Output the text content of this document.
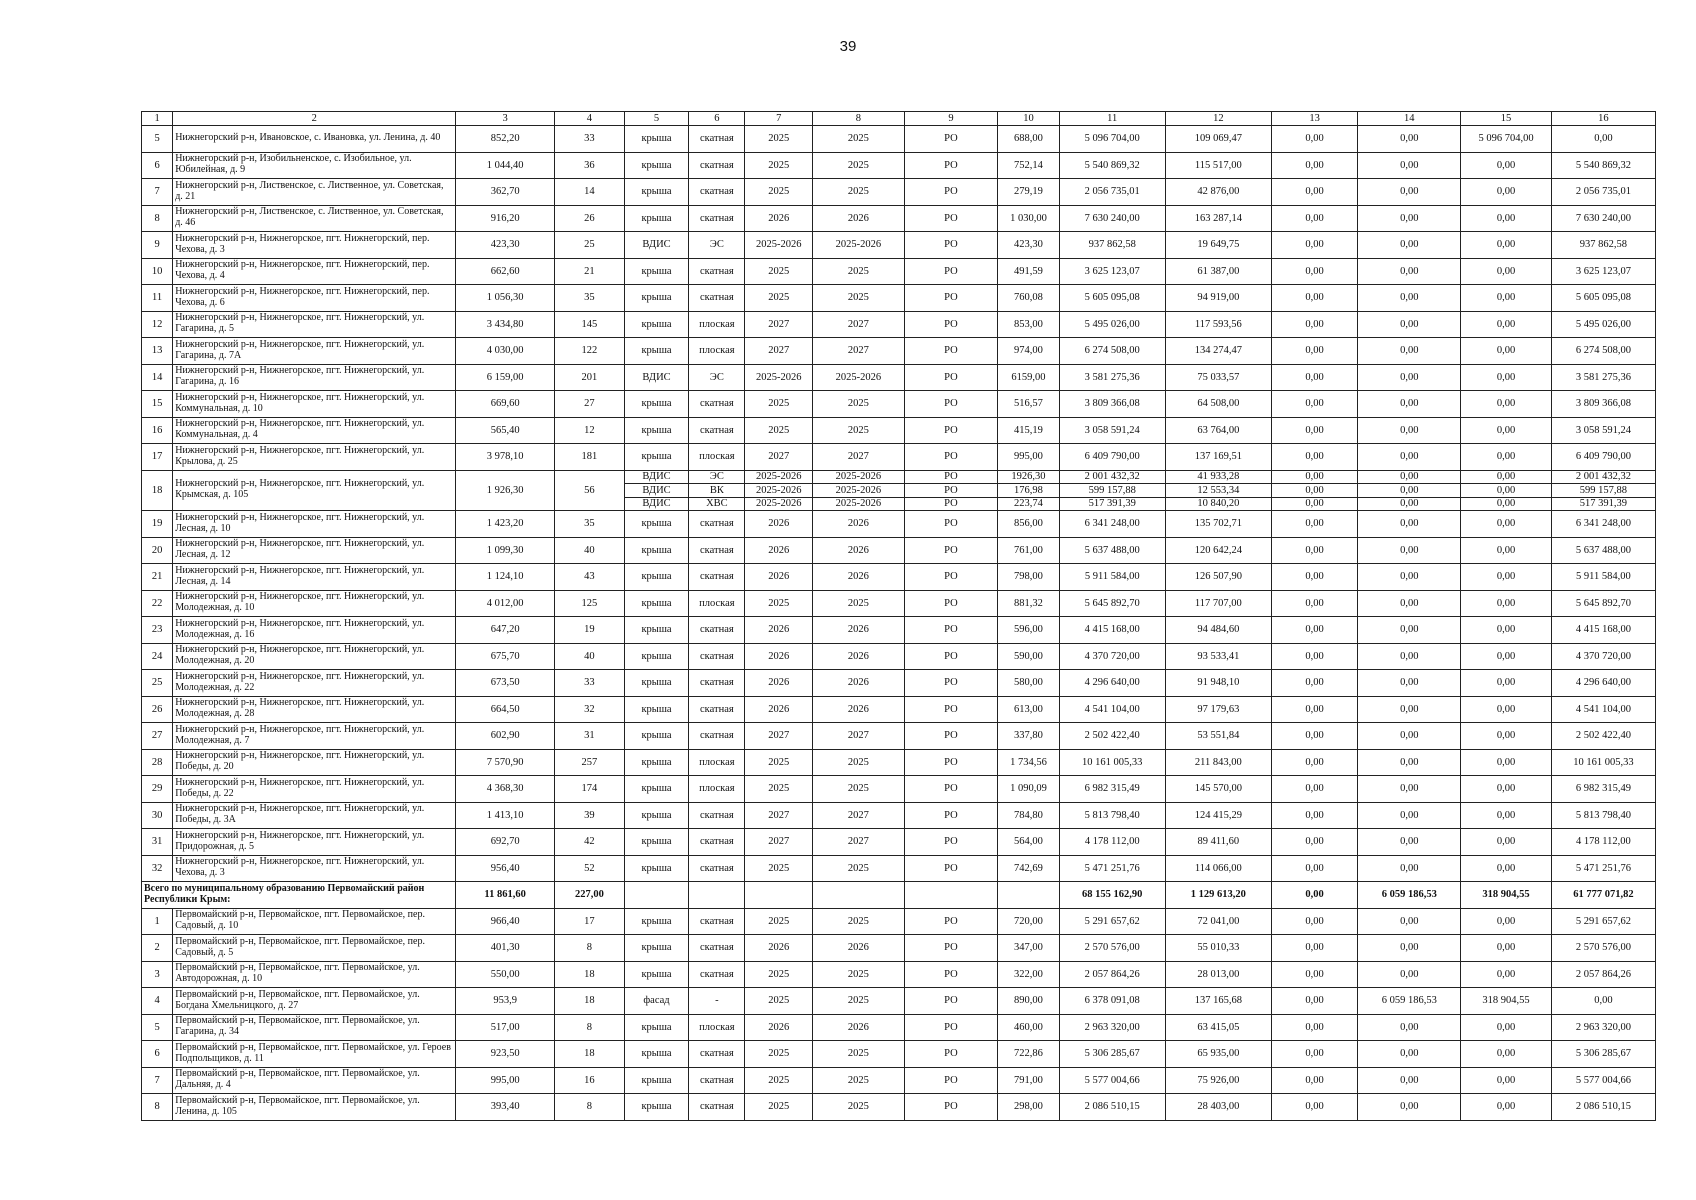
39
1	2	3	4	5	6	7	8	9	10	11	12	13	14	15	16
5	Нижнегорский р-н, Ивановское, с. Ивановка, ул. Ленина, д. 40	852,20	33	крыша	скатная	2025	2025	РО	688,00	5 096 704,00	109 069,47	0,00	0,00	5 096 704,00	0,00
6	Нижнегорский р-н, Изобильненское, с. Изобильное, ул. Юбилейная, д. 9	1 044,40	36	крыша	скатная	2025	2025	РО	752,14	5 540 869,32	115 517,00	0,00	0,00	0,00	5 540 869,32
7	Нижнегорский р-н, Лиственское, с. Лиственное, ул. Советская, д. 21	362,70	14	крыша	скатная	2025	2025	РО	279,19	2 056 735,01	42 876,00	0,00	0,00	0,00	2 056 735,01
8	Нижнегорский р-н, Лиственское, с. Лиственное, ул. Советская, д. 46	916,20	26	крыша	скатная	2026	2026	РО	1 030,00	7 630 240,00	163 287,14	0,00	0,00	0,00	7 630 240,00
9	Нижнегорский р-н, Нижнегорское, пгт. Нижнегорский, пер. Чехова, д. 3	423,30	25	ВДИС	ЭС	2025-2026	2025-2026	РО	423,30	937 862,58	19 649,75	0,00	0,00	0,00	937 862,58
10	Нижнегорский р-н, Нижнегорское, пгт. Нижнегорский, пер. Чехова, д. 4	662,60	21	крыша	скатная	2025	2025	РО	491,59	3 625 123,07	61 387,00	0,00	0,00	0,00	3 625 123,07
11	Нижнегорский р-н, Нижнегорское, пгт. Нижнегорский, пер. Чехова, д. 6	1 056,30	35	крыша	скатная	2025	2025	РО	760,08	5 605 095,08	94 919,00	0,00	0,00	0,00	5 605 095,08
12	Нижнегорский р-н, Нижнегорское, пгт. Нижнегорский, ул. Гагарина, д. 5	3 434,80	145	крыша	плоская	2027	2027	РО	853,00	5 495 026,00	117 593,56	0,00	0,00	0,00	5 495 026,00
13	Нижнегорский р-н, Нижнегорское, пгт. Нижнегорский, ул. Гагарина, д. 7А	4 030,00	122	крыша	плоская	2027	2027	РО	974,00	6 274 508,00	134 274,47	0,00	0,00	0,00	6 274 508,00
14	Нижнегорский р-н, Нижнегорское, пгт. Нижнегорский, ул. Гагарина, д. 16	6 159,00	201	ВДИС	ЭС	2025-2026	2025-2026	РО	6159,00	3 581 275,36	75 033,57	0,00	0,00	0,00	3 581 275,36
15	Нижнегорский р-н, Нижнегорское, пгт. Нижнегорский, ул. Коммунальная, д. 10	669,60	27	крыша	скатная	2025	2025	РО	516,57	3 809 366,08	64 508,00	0,00	0,00	0,00	3 809 366,08
16	Нижнегорский р-н, Нижнегорское, пгт. Нижнегорский, ул. Коммунальная, д. 4	565,40	12	крыша	скатная	2025	2025	РО	415,19	3 058 591,24	63 764,00	0,00	0,00	0,00	3 058 591,24
17	Нижнегорский р-н, Нижнегорское, пгт. Нижнегорский, ул. Крылова, д. 25	3 978,10	181	крыша	плоская	2027	2027	РО	995,00	6 409 790,00	137 169,51	0,00	0,00	0,00	6 409 790,00
18	Нижнегорский р-н, Нижнегорское, пгт. Нижнегорский, ул. Крымская, д. 105	1 926,30	56	ВДИС	ЭС	2025-2026	2025-2026	РО	1926,30	2 001 432,32	41 933,28	0,00	0,00	0,00	2 001 432,32
				ВДИС	ВК	2025-2026	2025-2026	РО	176,98	599 157,88	12 553,34	0,00	0,00	0,00	599 157,88
				ВДИС	ХВС	2025-2026	2025-2026	РО	223,74	517 391,39	10 840,20	0,00	0,00	0,00	517 391,39
19	Нижнегорский р-н, Нижнегорское, пгт. Нижнегорский, ул. Лесная, д. 10	1 423,20	35	крыша	скатная	2026	2026	РО	856,00	6 341 248,00	135 702,71	0,00	0,00	0,00	6 341 248,00
20	Нижнегорский р-н, Нижнегорское, пгт. Нижнегорский, ул. Лесная, д. 12	1 099,30	40	крыша	скатная	2026	2026	РО	761,00	5 637 488,00	120 642,24	0,00	0,00	0,00	5 637 488,00
21	Нижнегорский р-н, Нижнегорское, пгт. Нижнегорский, ул. Лесная, д. 14	1 124,10	43	крыша	скатная	2026	2026	РО	798,00	5 911 584,00	126 507,90	0,00	0,00	0,00	5 911 584,00
22	Нижнегорский р-н, Нижнегорское, пгт. Нижнегорский, ул. Молодежная, д. 10	4 012,00	125	крыша	плоская	2025	2025	РО	881,32	5 645 892,70	117 707,00	0,00	0,00	0,00	5 645 892,70
23	Нижнегорский р-н, Нижнегорское, пгт. Нижнегорский, ул. Молодежная, д. 16	647,20	19	крыша	скатная	2026	2026	РО	596,00	4 415 168,00	94 484,60	0,00	0,00	0,00	4 415 168,00
24	Нижнегорский р-н, Нижнегорское, пгт. Нижнегорский, ул. Молодежная, д. 20	675,70	40	крыша	скатная	2026	2026	РО	590,00	4 370 720,00	93 533,41	0,00	0,00	0,00	4 370 720,00
25	Нижнегорский р-н, Нижнегорское, пгт. Нижнегорский, ул. Молодежная, д. 22	673,50	33	крыша	скатная	2026	2026	РО	580,00	4 296 640,00	91 948,10	0,00	0,00	0,00	4 296 640,00
26	Нижнегорский р-н, Нижнегорское, пгт. Нижнегорский, ул. Молодежная, д. 28	664,50	32	крыша	скатная	2026	2026	РО	613,00	4 541 104,00	97 179,63	0,00	0,00	0,00	4 541 104,00
27	Нижнегорский р-н, Нижнегорское, пгт. Нижнегорский, ул. Молодежная, д. 7	602,90	31	крыша	скатная	2027	2027	РО	337,80	2 502 422,40	53 551,84	0,00	0,00	0,00	2 502 422,40
28	Нижнегорский р-н, Нижнегорское, пгт. Нижнегорский, ул. Победы, д. 20	7 570,90	257	крыша	плоская	2025	2025	РО	1 734,56	10 161 005,33	211 843,00	0,00	0,00	0,00	10 161 005,33
29	Нижнегорский р-н, Нижнегорское, пгт. Нижнегорский, ул. Победы, д. 22	4 368,30	174	крыша	плоская	2025	2025	РО	1 090,09	6 982 315,49	145 570,00	0,00	0,00	0,00	6 982 315,49
30	Нижнегорский р-н, Нижнегорское, пгт. Нижнегорский, ул. Победы, д. 3А	1 413,10	39	крыша	скатная	2027	2027	РО	784,80	5 813 798,40	124 415,29	0,00	0,00	0,00	5 813 798,40
31	Нижнегорский р-н, Нижнегорское, пгт. Нижнегорский, ул. Придорожная, д. 5	692,70	42	крыша	скатная	2027	2027	РО	564,00	4 178 112,00	89 411,60	0,00	0,00	0,00	4 178 112,00
32	Нижнегорский р-н, Нижнегорское, пгт. Нижнегорский, ул. Чехова, д. 3	956,40	52	крыша	скатная	2025	2025	РО	742,69	5 471 251,76	114 066,00	0,00	0,00	0,00	5 471 251,76
Всего по муниципальному образованию Первомайский район Республики Крым:		11 861,60	227,00							68 155 162,90	1 129 613,20	0,00	6 059 186,53	318 904,55	61 777 071,82
1	Первомайский р-н, Первомайское, пгт. Первомайское, пер. Садовый, д. 10	966,40	17	крыша	скатная	2025	2025	РО	720,00	5 291 657,62	72 041,00	0,00	0,00	0,00	5 291 657,62
2	Первомайский р-н, Первомайское, пгт. Первомайское, пер. Садовый, д. 5	401,30	8	крыша	скатная	2026	2026	РО	347,00	2 570 576,00	55 010,33	0,00	0,00	0,00	2 570 576,00
3	Первомайский р-н, Первомайское, пгт. Первомайское, ул. Автодорожная, д. 10	550,00	18	крыша	скатная	2025	2025	РО	322,00	2 057 864,26	28 013,00	0,00	0,00	0,00	2 057 864,26
4	Первомайский р-н, Первомайское, пгт. Первомайское, ул. Богдана Хмельницкого, д. 27	953,9	18	фасад	-	2025	2025	РО	890,00	6 378 091,08	137 165,68	0,00	6 059 186,53	318 904,55	0,00
5	Первомайский р-н, Первомайское, пгт. Первомайское, ул. Гагарина, д. 34	517,00	8	крыша	плоская	2026	2026	РО	460,00	2 963 320,00	63 415,05	0,00	0,00	0,00	2 963 320,00
6	Первомайский р-н, Первомайское, пгт. Первомайское, ул. Героев Подпольщиков, д. 11	923,50	18	крыша	скатная	2025	2025	РО	722,86	5 306 285,67	65 935,00	0,00	0,00	0,00	5 306 285,67
7	Первомайский р-н, Первомайское, пгт. Первомайское, ул. Дальняя, д. 4	995,00	16	крыша	скатная	2025	2025	РО	791,00	5 577 004,66	75 926,00	0,00	0,00	0,00	5 577 004,66
8	Первомайский р-н, Первомайское, пгт. Первомайское, ул. Ленина, д. 105	393,40	8	крыша	скатная	2025	2025	РО	298,00	2 086 510,15	28 403,00	0,00	0,00	0,00	2 086 510,15
